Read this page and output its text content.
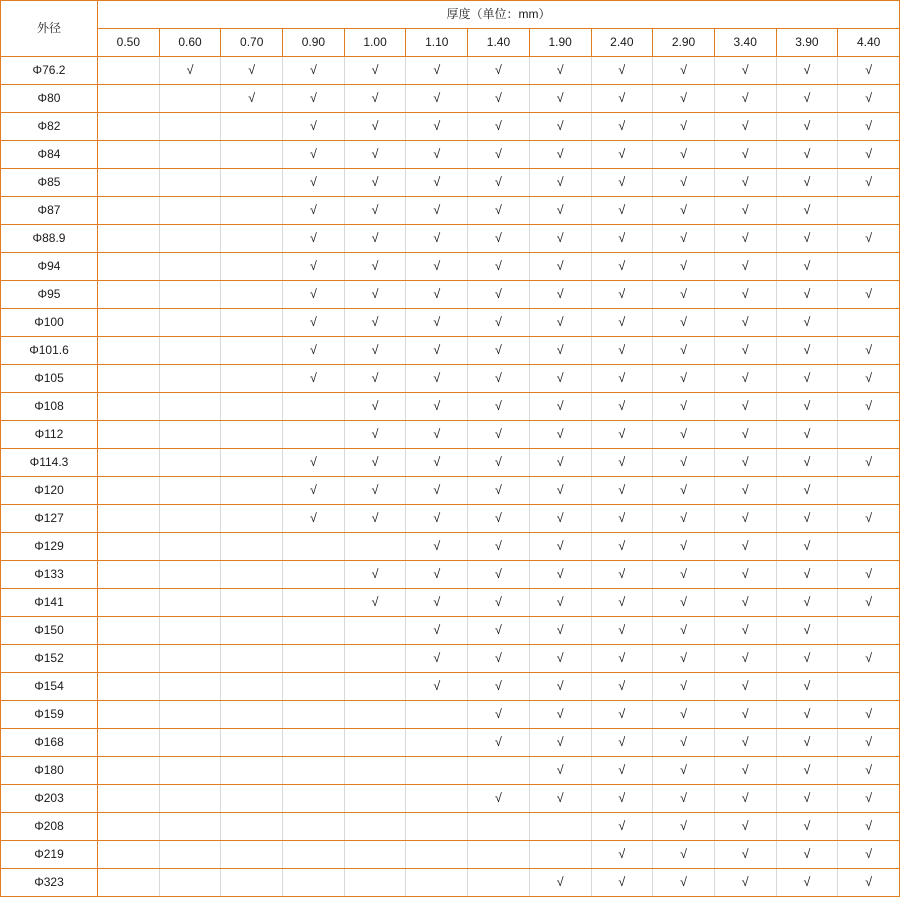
外径	厚度（单位：mm）												
	0.50	0.60	0.70	0.90	1.00	1.10	1.40	1.90	2.40	2.90	3.40	3.90	4.40
Φ76.2		√	√	√	√	√	√	√	√	√	√	√	√
Φ80			√	√	√	√	√	√	√	√	√	√	√
Φ82				√	√	√	√	√	√	√	√	√	√
Φ84				√	√	√	√	√	√	√	√	√	√
Φ85				√	√	√	√	√	√	√	√	√	√
Φ87				√	√	√	√	√	√	√	√	√	
Φ88.9				√	√	√	√	√	√	√	√	√	√
Φ94				√	√	√	√	√	√	√	√	√	
Φ95				√	√	√	√	√	√	√	√	√	√
Φ100				√	√	√	√	√	√	√	√	√	
Φ101.6				√	√	√	√	√	√	√	√	√	√
Φ105				√	√	√	√	√	√	√	√	√	√
Φ108					√	√	√	√	√	√	√	√	√
Φ112					√	√	√	√	√	√	√	√	
Φ114.3				√	√	√	√	√	√	√	√	√	√
Φ120				√	√	√	√	√	√	√	√	√	
Φ127				√	√	√	√	√	√	√	√	√	√
Φ129						√	√	√	√	√	√	√	
Φ133					√	√	√	√	√	√	√	√	√
Φ141					√	√	√	√	√	√	√	√	√
Φ150						√	√	√	√	√	√	√	
Φ152						√	√	√	√	√	√	√	√
Φ154						√	√	√	√	√	√	√	
Φ159							√	√	√	√	√	√	√
Φ168							√	√	√	√	√	√	√
Φ180								√	√	√	√	√	√
Φ203							√	√	√	√	√	√	√
Φ208									√	√	√	√	√
Φ219									√	√	√	√	√
Φ323								√	√	√	√	√	√
